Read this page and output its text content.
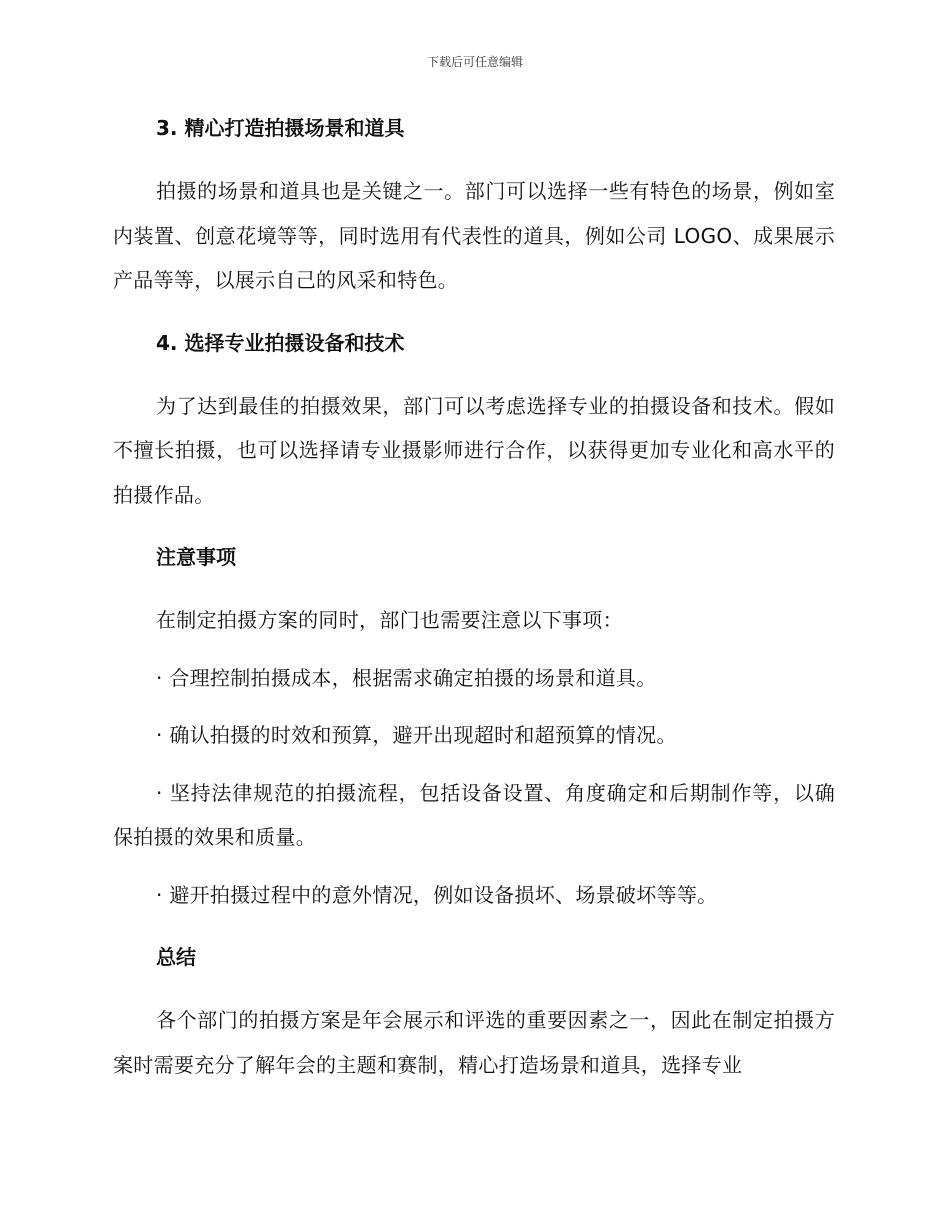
下载后可任意编辑
3. 精心打造拍摄场景和道具

拍摄的场景和道具也是关键之一。部门可以选择一些有特色的场景，例如室内装置、创意花境等等，同时选用有代表性的道具，例如公司 LOGO、成果展示产品等等，以展示自己的风采和特色。

4. 选择专业拍摄设备和技术

为了达到最佳的拍摄效果，部门可以考虑选择专业的拍摄设备和技术。假如不擅长拍摄，也可以选择请专业摄影师进行合作，以获得更加专业化和高水平的拍摄作品。

注意事项

在制定拍摄方案的同时，部门也需要注意以下事项：

· 合理控制拍摄成本，根据需求确定拍摄的场景和道具。

· 确认拍摄的时效和预算，避开出现超时和超预算的情况。

· 坚持法律规范的拍摄流程，包括设备设置、角度确定和后期制作等，以确保拍摄的效果和质量。

· 避开拍摄过程中的意外情况，例如设备损坏、场景破坏等等。

总结

各个部门的拍摄方案是年会展示和评选的重要因素之一，因此在制定拍摄方案时需要充分了解年会的主题和赛制，精心打造场景和道具，选择专业
